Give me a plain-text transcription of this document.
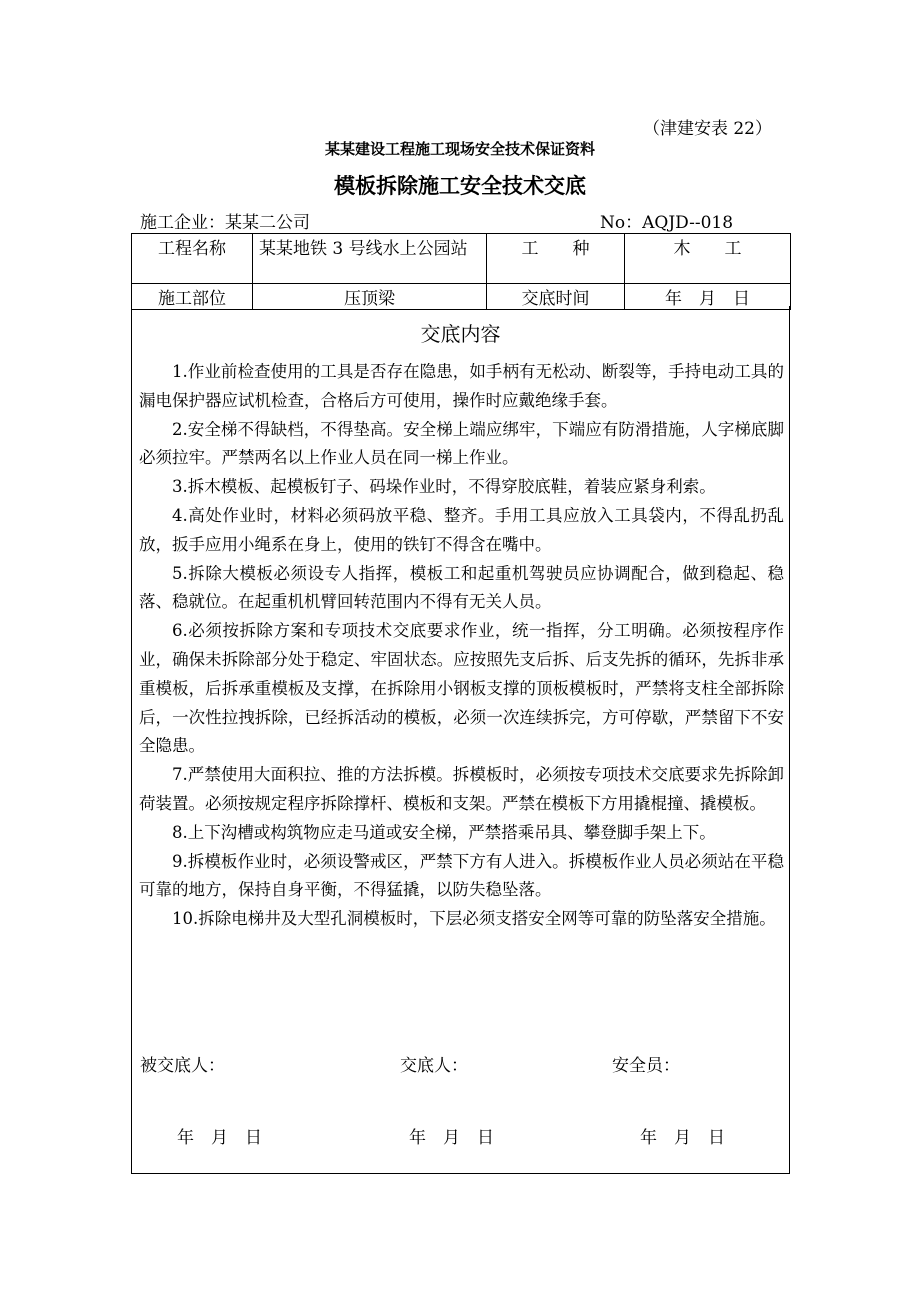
（津建安表 22）
某某建设工程施工现场安全技术保证资料
模板拆除施工安全技术交底
施工企业：某某二公司	No：AQJD--018
工程名称	某某地铁 3 号线水上公园站	工　　种	木　　工
施工部位	压顶梁	交底时间	年　月　日
交底内容

1.作业前检查使用的工具是否存在隐患，如手柄有无松动、断裂等，手持电动工具的漏电保护器应试机检查，合格后方可使用，操作时应戴绝缘手套。

2.安全梯不得缺档，不得垫高。安全梯上端应绑牢，下端应有防滑措施，人字梯底脚必须拉牢。严禁两名以上作业人员在同一梯上作业。

3.拆木模板、起模板钉子、码垛作业时，不得穿胶底鞋，着装应紧身利索。

4.高处作业时，材料必须码放平稳、整齐。手用工具应放入工具袋内，不得乱扔乱放，扳手应用小绳系在身上，使用的铁钉不得含在嘴中。

5.拆除大模板必须设专人指挥，模板工和起重机驾驶员应协调配合，做到稳起、稳落、稳就位。在起重机机臂回转范围内不得有无关人员。

6.必须按拆除方案和专项技术交底要求作业，统一指挥，分工明确。必须按程序作业，确保未拆除部分处于稳定、牢固状态。应按照先支后拆、后支先拆的循环，先拆非承重模板，后拆承重模板及支撑，在拆除用小钢板支撑的顶板模板时，严禁将支柱全部拆除后，一次性拉拽拆除，已经拆活动的模板，必须一次连续拆完，方可停歇，严禁留下不安全隐患。

7.严禁使用大面积拉、推的方法拆模。拆模板时，必须按专项技术交底要求先拆除卸荷装置。必须按规定程序拆除撑杆、模板和支架。严禁在模板下方用撬棍撞、撬模板。

8.上下沟槽或构筑物应走马道或安全梯，严禁搭乘吊具、攀登脚手架上下。

9.拆模板作业时，必须设警戒区，严禁下方有人进入。拆模板作业人员必须站在平稳可靠的地方，保持自身平衡，不得猛撬，以防失稳坠落。

10.拆除电梯井及大型孔洞模板时，下层必须支搭安全网等可靠的防坠落安全措施。

被交底人：	交底人：	安全员：
年　月　日	年　月　日	年　月　日
